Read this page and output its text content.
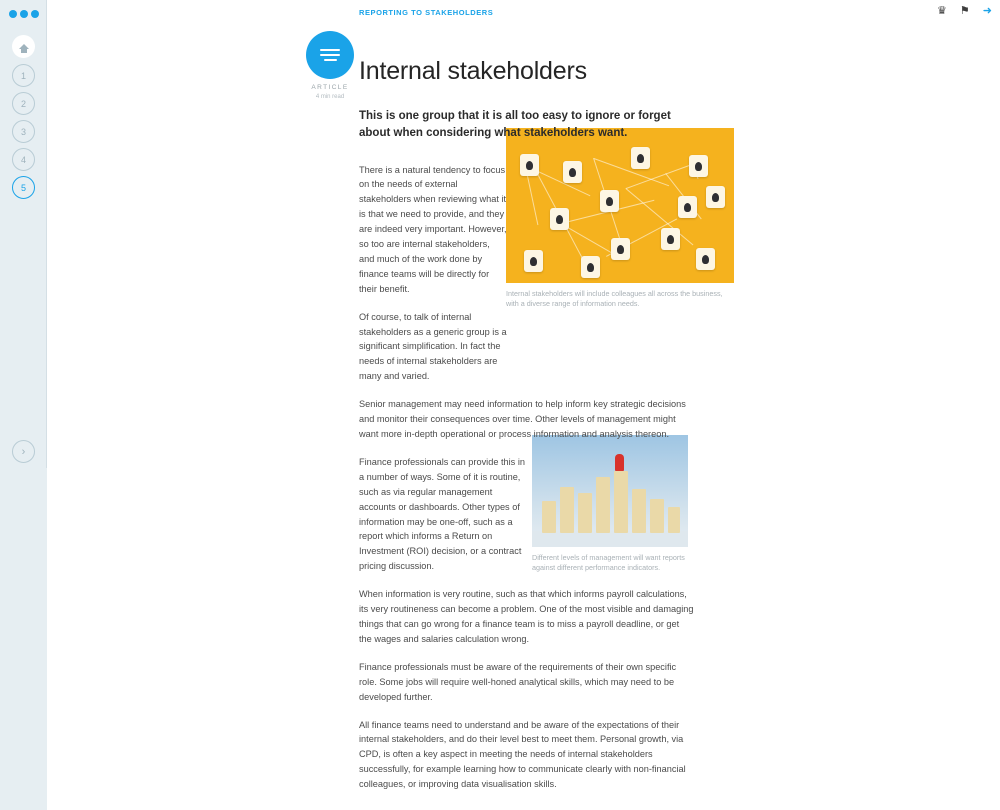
1
2
3
4
5
›
REPORTING TO STAKEHOLDERS	♛ ⚑ ➜
Internal stakeholders will include colleagues all across the business, with a diverse range of information needs.
Different levels of management will want reports against different performance indicators.
ARTICLE
4 min read
Internal stakeholders
This is one group that it is all too easy to ignore or forget about when considering what stakeholders want.

There is a natural tendency to focus on the needs of external stakeholders when reviewing what it is that we need to provide, and they are indeed very important. However, so too are internal stakeholders, and much of the work done by finance teams will be directly for their benefit.

Of course, to talk of internal stakeholders as a generic group is a significant simplification. In fact the needs of internal stakeholders are many and varied.

Senior management may need information to help inform key strategic decisions and monitor their consequences over time. Other levels of management might want more in-depth operational or process information and analysis thereon.

Finance professionals can provide this in a number of ways. Some of it is routine, such as via regular management accounts or dashboards. Other types of information may be one-off, such as a report which informs a Return on Investment (ROI) decision, or a contract pricing discussion.

When information is very routine, such as that which informs payroll calculations, its very routineness can become a problem. One of the most visible and damaging things that can go wrong for a finance team is to miss a payroll deadline, or get the wages and salaries calculation wrong.

Finance professionals must be aware of the requirements of their own specific role. Some jobs will require well-honed analytical skills, which may need to be developed further.

All finance teams need to understand and be aware of the expectations of their internal stakeholders, and do their level best to meet them. Personal growth, via CPD, is often a key aspect in meeting the needs of internal stakeholders successfully, for example learning how to communicate clearly with non-financial colleagues, or improving data visualisation skills.
